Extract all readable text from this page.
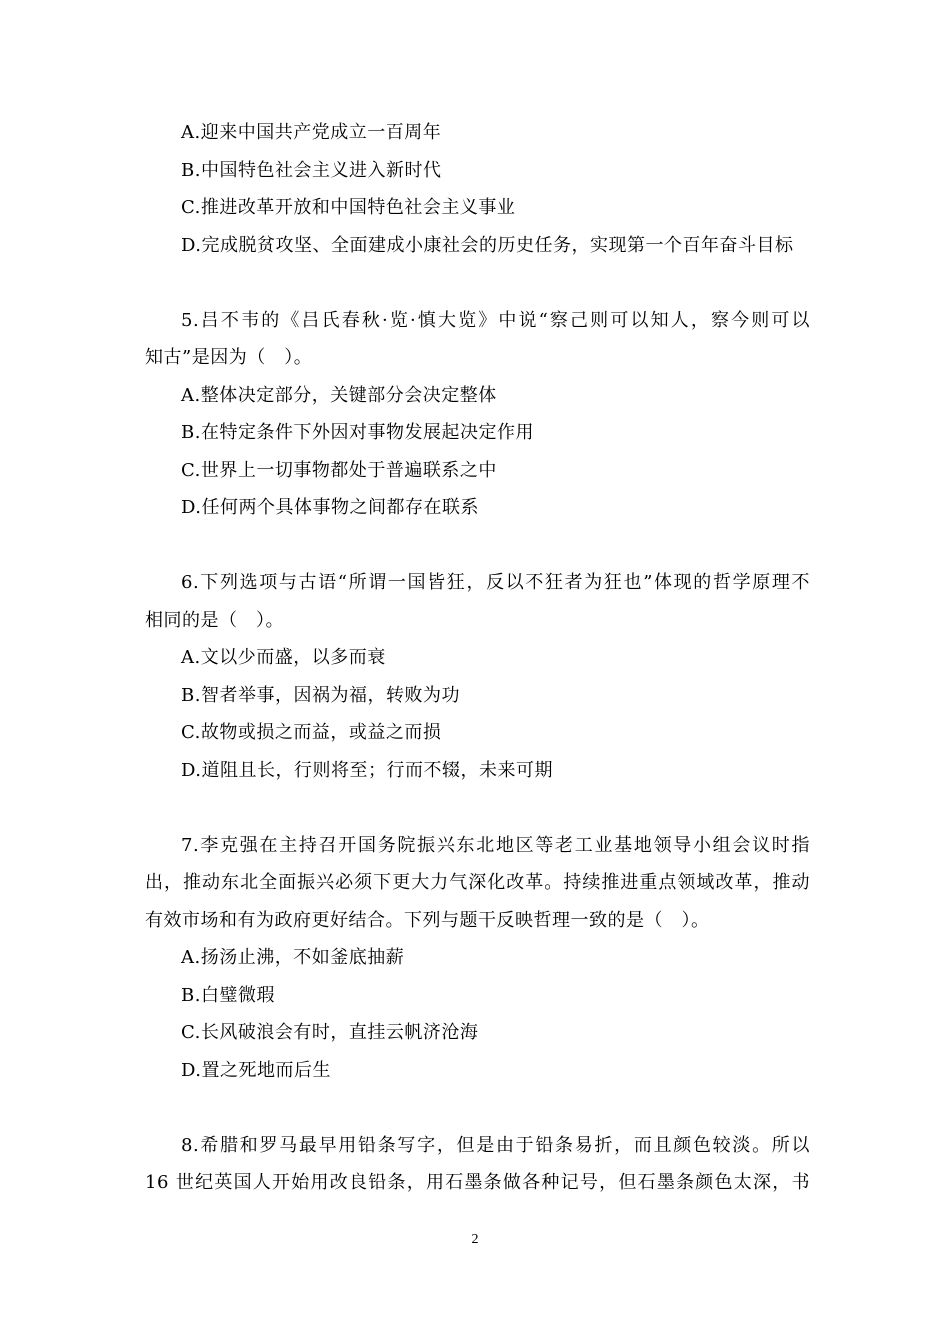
A.迎来中国共产党成立一百周年
B.中国特色社会主义进入新时代
C.推进改革开放和中国特色社会主义事业
D.完成脱贫攻坚、全面建成小康社会的历史任务，实现第一个百年奋斗目标
5.吕不韦的《吕氏春秋·览·慎大览》中说“察己则可以知人，察今则可以
知古”是因为（　）。
A.整体决定部分，关键部分会决定整体
B.在特定条件下外因对事物发展起决定作用
C.世界上一切事物都处于普遍联系之中
D.任何两个具体事物之间都存在联系
6.下列选项与古语“所谓一国皆狂，反以不狂者为狂也”体现的哲学原理不
相同的是（　）。
A.文以少而盛，以多而衰
B.智者举事，因祸为福，转败为功
C.故物或损之而益，或益之而损
D.道阻且长，行则将至；行而不辍，未来可期
7.李克强在主持召开国务院振兴东北地区等老工业基地领导小组会议时指
出，推动东北全面振兴必须下更大力气深化改革。持续推进重点领域改革，推动
有效市场和有为政府更好结合。下列与题干反映哲理一致的是（　）。
A.扬汤止沸，不如釜底抽薪
B.白璧微瑕
C.长风破浪会有时，直挂云帆济沧海
D.置之死地而后生
8.希腊和罗马最早用铅条写字，但是由于铅条易折，而且颜色较淡。所以
16 世纪英国人开始用改良铅条，用石墨条做各种记号，但石墨条颜色太深，书
2
